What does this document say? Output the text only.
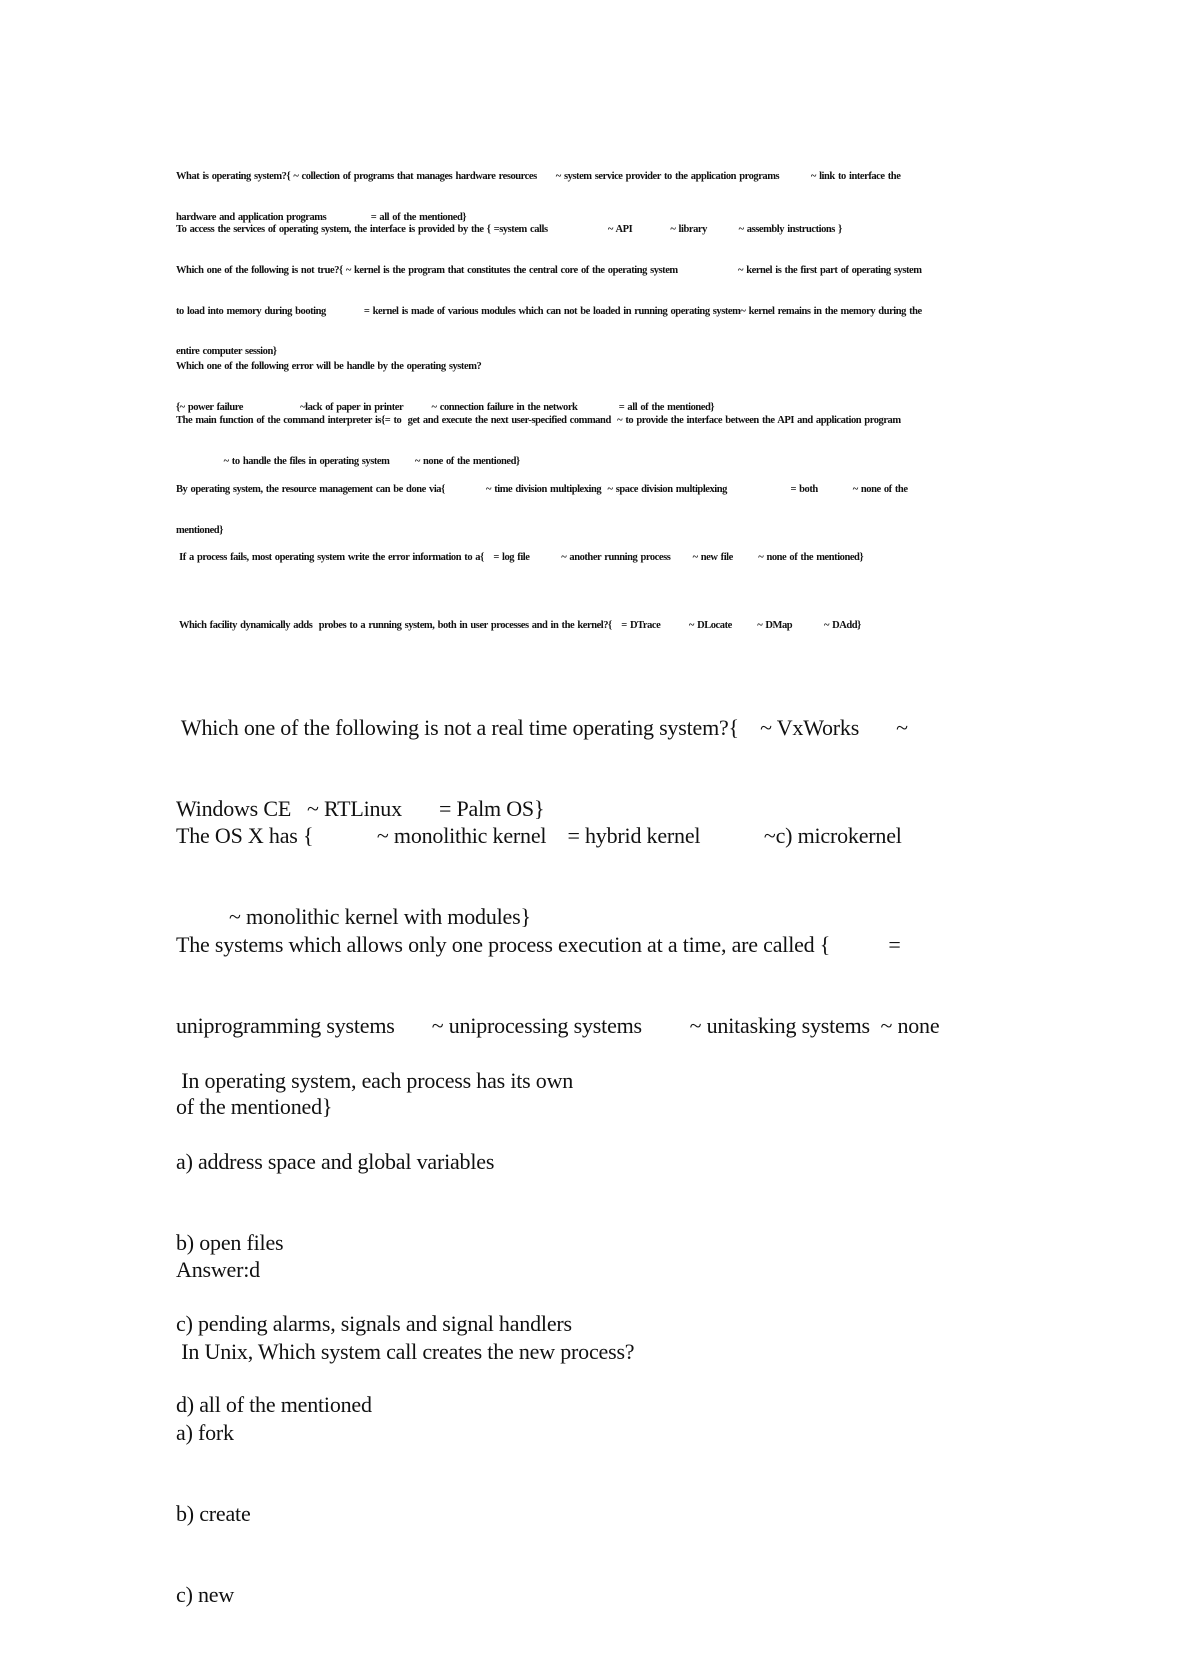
What is operating system?{ ~ collection of programs that manages hardware resources      ~ system service provider to the application programs          ~ link to interface the

hardware and application programs              = all of the mentioned}

To access the services of operating system, the interface is provided by the { =system calls                   ~ API            ~ library          ~ assembly instructions }

Which one of the following is not true?{ ~ kernel is the program that constitutes the central core of the operating system                   ~ kernel is the first part of operating system

to load into memory during booting            = kernel is made of various modules which can not be loaded in running operating system~ kernel remains in the memory during the

entire computer session}

Which one of the following error will be handle by the operating system?

{~ power failure                  ~lack of paper in printer         ~ connection failure in the network             = all of the mentioned}

The main function of the command interpreter is{= to  get and execute the next user-specified command  ~ to provide the interface between the API and application program

~ to handle the files in operating system        ~ none of the mentioned}

By operating system, the resource management can be done via{             ~ time division multiplexing  ~ space division multiplexing                    = both           ~ none of the

mentioned}

If a process fails, most operating system write the error information to a{   = log file          ~ another running process       ~ new file        ~ none of the mentioned}

Which facility dynamically adds  probes to a running system, both in user processes and in the kernel?{   = DTrace         ~ DLocate        ~ DMap          ~ DAdd}

Which one of the following is not a real time operating system?{    ~ VxWorks       ~

Windows CE   ~ RTLinux       = Palm OS}

The OS X has {            ~ monolithic kernel    = hybrid kernel            ~c) microkernel

~ monolithic kernel with modules}

The systems which allows only one process execution at a time, are called {           =

uniprogramming systems       ~ uniprocessing systems         ~ unitasking systems  ~ none

of the mentioned}

In operating system, each process has its own

a) address space and global variables

b) open files

c) pending alarms, signals and signal handlers

d) all of the mentioned

Answer:d

In Unix, Which system call creates the new process?

a) fork

b) create

c) new
